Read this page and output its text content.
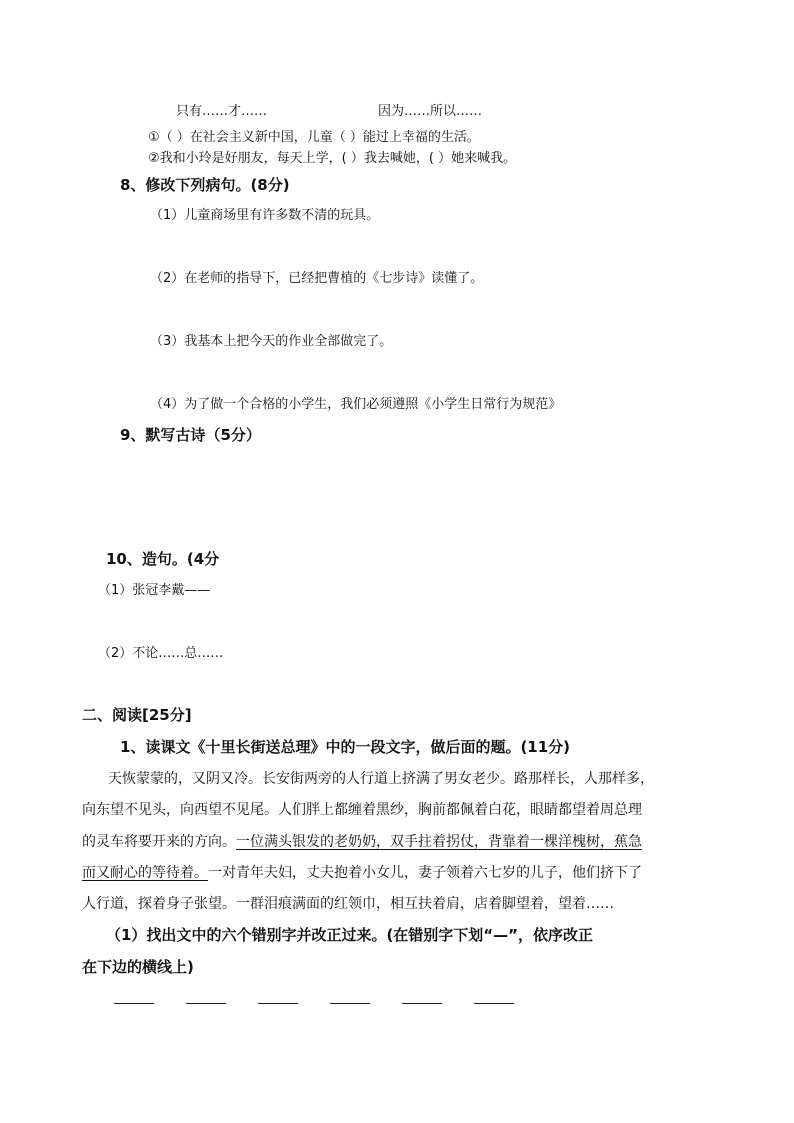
只有……才……	因为……所以……
①（ ）在社会主义新中国，儿童（ ）能过上幸福的生活。
②我和小玲是好朋友，每天上学，( ）我去喊她，( ）她来喊我。
8、修改下列病句。(8分)
（1）儿童商场里有许多数不清的玩具。
（2）在老师的指导下，已经把曹植的《七步诗》读懂了。
（3）我基本上把今天的作业全部做完了。
（4）为了做一个合格的小学生，我们必须遵照《小学生日常行为规范》
9、默写古诗（5分）
10、造句。(4分
（1）张冠李戴——
（2）不论……总……
二、阅读[25分]
1、读课文《十里长街送总理》中的一段文字，做后面的题。(11分)
天恢蒙蒙的，又阴又冷。长安街两旁的人行道上挤满了男女老少。路那样长，人那样多，
向东望不见头，向西望不见尾。人们胖上都缠着黑纱，胸前都佩着白花，眼睛都望着周总理
的灵车将要开来的方向。一位满头银发的老奶奶，双手拄着拐仗，背靠着一棵洋槐树，蕉急
而又耐心的等待着。一对青年夫妇，丈夫抱着小女儿，妻子领着六七岁的儿子，他们挤下了
人行道，探着身子张望。一群泪痕满面的红领巾，相互扶着肩，店着脚望着，望着……
（1）找出文中的六个错别字并改正过来。(在错别字下划“—”，依序改正
在下边的横线上)
